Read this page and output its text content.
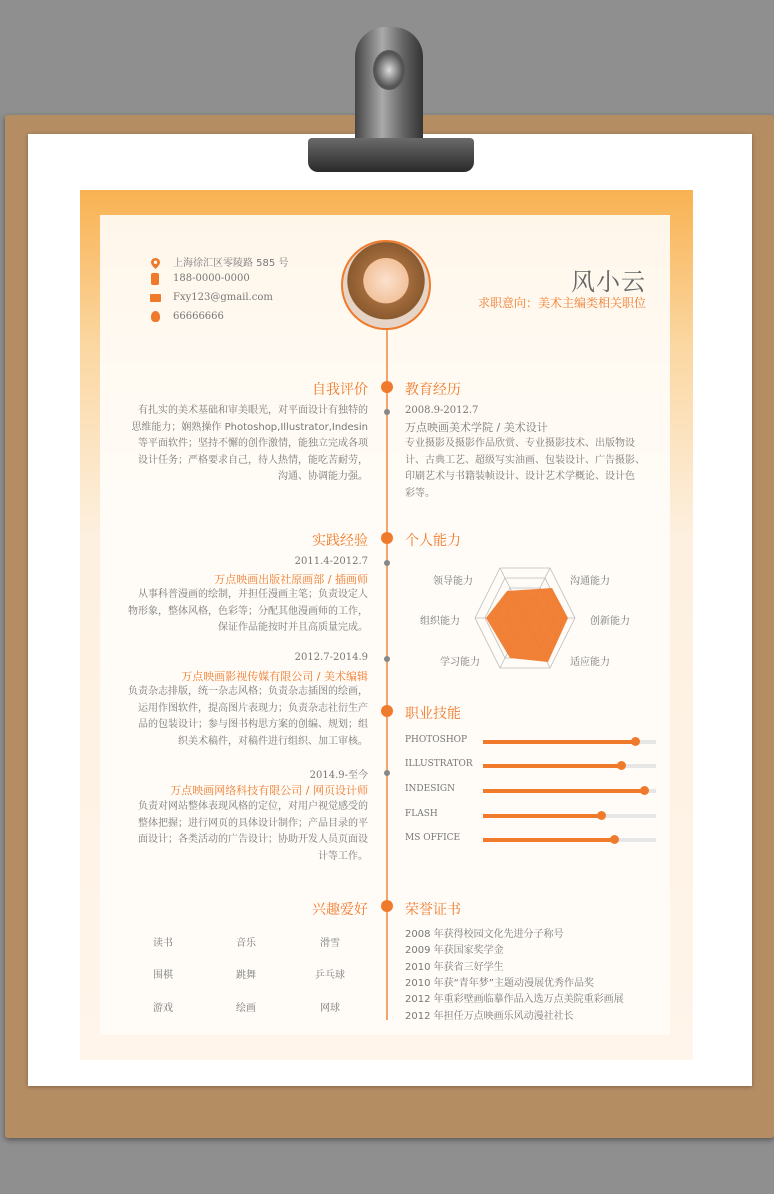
上海徐汇区零陵路 585 号
188-0000-0000
Fxy123@gmail.com
66666666
风小云
求职意向：美术主编类相关职位
自我评价
有扎实的美术基础和审美眼光，对平面设计有独特的
思维能力；娴熟操作 Photoshop,Illustrator,Indesin
等平面软件；坚持不懈的创作激情，能独立完成各项
设计任务；严格要求自己，待人热情，能吃苦耐劳，
沟通、协调能力强。
教育经历
2008.9-2012.7
万点映画美术学院 / 美术设计
专业摄影及摄影作品欣赏、专业摄影技术、出版物设
计、古典工艺、超级写实油画、包装设计、广告摄影、
印刷艺术与书籍装帧设计、设计艺术学概论、设计色
彩等。
实践经验
2011.4-2012.7
万点映画出版社原画部 / 插画师
从事科普漫画的绘制，并担任漫画主笔；负责设定人
物形象，整体风格，色彩等；分配其他漫画师的工作，
保证作品能按时并且高质量完成。
2012.7-2014.9
万点映画影视传媒有限公司 / 美术编辑
负责杂志排版，统一杂志风格；负责杂志插图的绘画，
运用作图软件，提高图片表现力；负责杂志社衍生产
品的包装设计；参与图书构思方案的创编、规划；组
织美术稿件，对稿件进行组织、加工审核。
2014.9-至今
万点映画网络科技有限公司 / 网页设计师
负责对网站整体表现风格的定位，对用户视觉感受的
整体把握；进行网页的具体设计制作；产品目录的平
面设计；各类活动的广告设计；协助开发人员页面设
计等工作。
个人能力
领导能力	沟通能力
组织能力	创新能力
学习能力	适应能力
职业技能
PHOTOSHOP
ILLUSTRATOR
INDESIGN
FLASH
MS OFFICE
兴趣爱好
读书	音乐	滑雪
围棋	跳舞	乒乓球
游戏	绘画	网球
荣誉证书
2008 年获得校园文化先进分子称号
2009 年获国家奖学金
2010 年获省三好学生
2010 年获“青年梦”主题动漫展优秀作品奖
2012 年重彩壁画临摹作品入选万点美院重彩画展
2012 年担任万点映画乐风动漫社社长
